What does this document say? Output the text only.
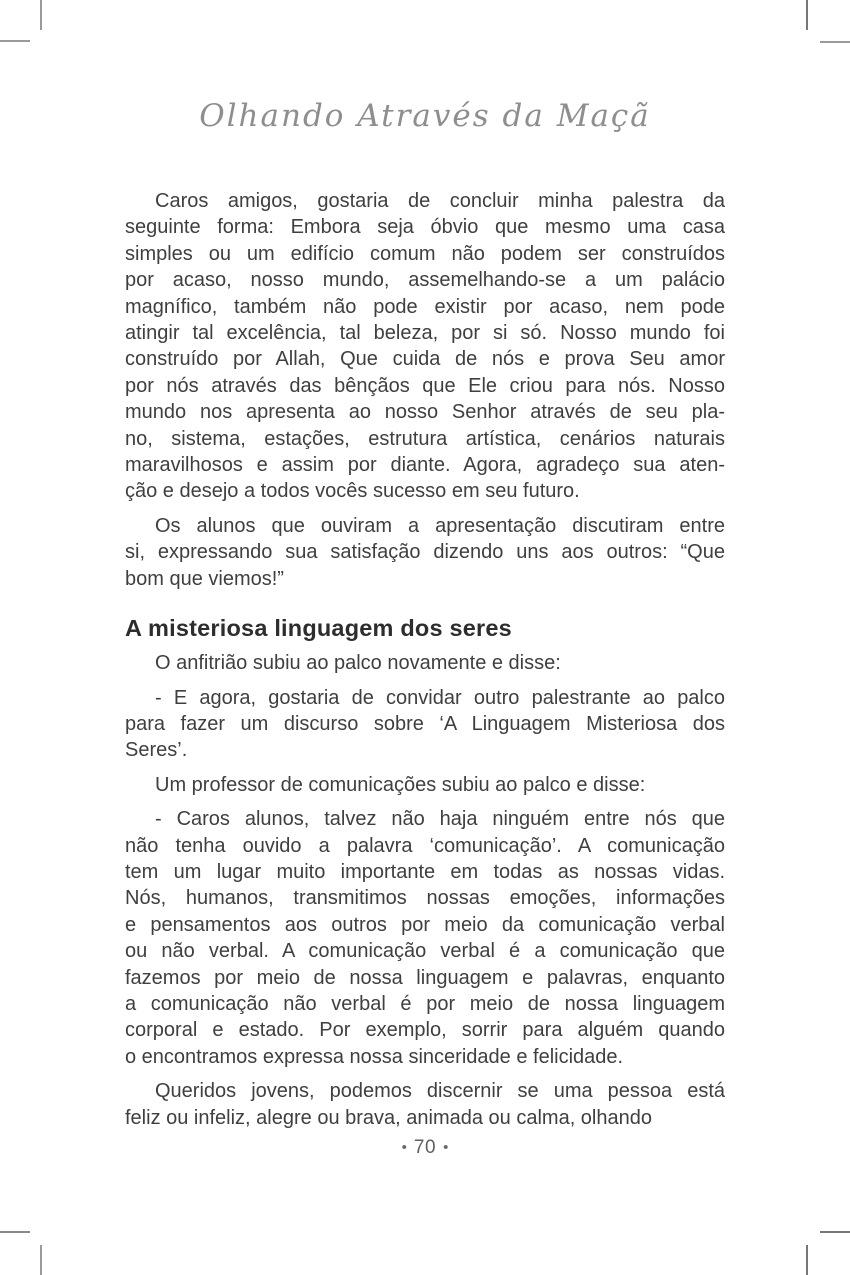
Olhando Através da Maçã
Caros amigos, gostaria de concluir minha palestra da
seguinte forma: Embora seja óbvio que mesmo uma casa
simples ou um edifício comum não podem ser construídos
por acaso, nosso mundo, assemelhando-se a um palácio
magnífico, também não pode existir por acaso, nem pode
atingir tal excelência, tal beleza, por si só. Nosso mundo foi
construído por Allah, Que cuida de nós e prova Seu amor
por nós através das bênçãos que Ele criou para nós. Nosso
mundo nos apresenta ao nosso Senhor através de seu pla-
no, sistema, estações, estrutura artística, cenários naturais
maravilhosos e assim por diante. Agora, agradeço sua aten-
ção e desejo a todos vocês sucesso em seu futuro.
Os alunos que ouviram a apresentação discutiram entre
si, expressando sua satisfação dizendo uns aos outros: “Que
bom que viemos!”
A misteriosa linguagem dos seres
O anfitrião subiu ao palco novamente e disse:
- E agora, gostaria de convidar outro palestrante ao palco
para fazer um discurso sobre ‘A Linguagem Misteriosa dos
Seres’.
Um professor de comunicações subiu ao palco e disse:
- Caros alunos, talvez não haja ninguém entre nós que
não tenha ouvido a palavra ‘comunicação’. A comunicação
tem um lugar muito importante em todas as nossas vidas.
Nós, humanos, transmitimos nossas emoções, informações
e pensamentos aos outros por meio da comunicação verbal
ou não verbal. A comunicação verbal é a comunicação que
fazemos por meio de nossa linguagem e palavras, enquanto
a comunicação não verbal é por meio de nossa linguagem
corporal e estado. Por exemplo, sorrir para alguém quando
o encontramos expressa nossa sinceridade e felicidade.
Queridos jovens, podemos discernir se uma pessoa está
feliz ou infeliz, alegre ou brava, animada ou calma, olhando
• 70 •
